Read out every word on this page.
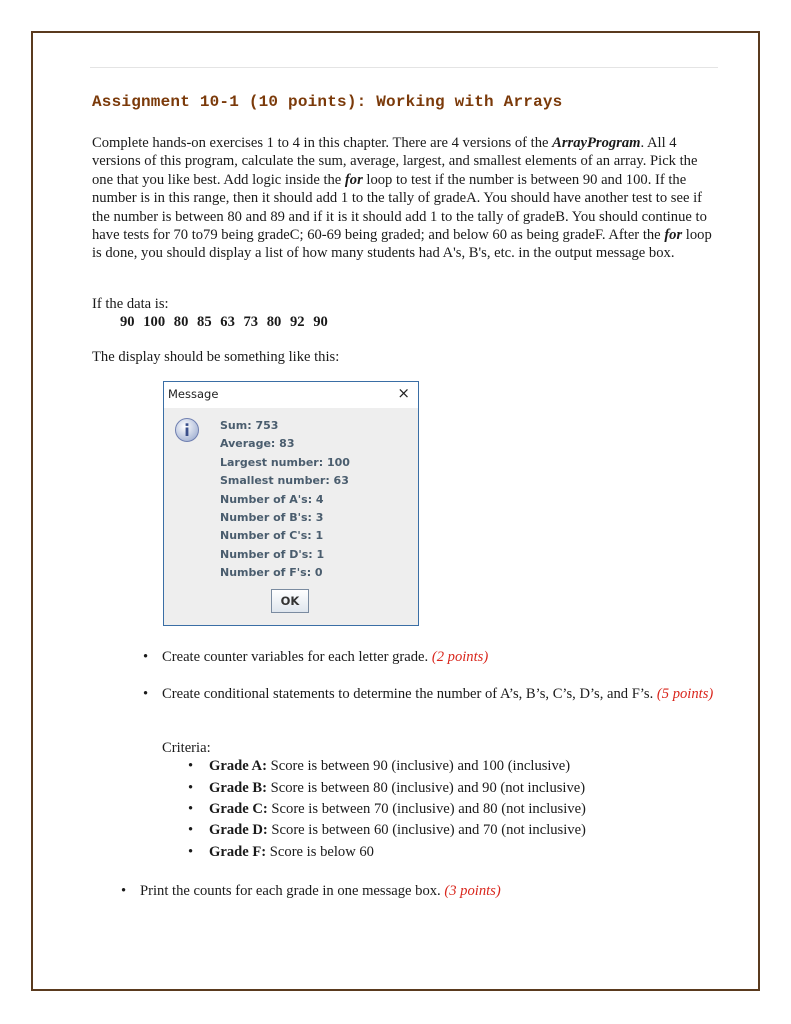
Assignment 10-1 (10 points): Working with Arrays
Complete hands-on exercises 1 to 4 in this chapter. There are 4 versions of the ArrayProgram. All 4 versions of this program, calculate the sum, average, largest, and smallest elements of an array. Pick the one that you like best. Add logic inside the for loop to test if the number is between 90 and 100. If the number is in this range, then it should add 1 to the tally of gradeA. You should have another test to see if the number is between 80 and 89 and if it is it should add 1 to the tally of gradeB. You should continue to have tests for 70 to79 being gradeC; 60-69 being graded; and below 60 as being gradeF. After the for loop is done, you should display a list of how many students had A's, B's, etc. in the output message box.
If the data is:
90 100 80 85 63 73 80 92 90
The display should be something like this:
Message	×
Sum: 753
Average: 83
Largest number: 100
Smallest number: 63
Number of A's: 4
Number of B's: 3
Number of C's: 1
Number of D's: 1
Number of F's: 0
OK
• Create counter variables for each letter grade. (2 points)
• Create conditional statements to determine the number of A’s, B’s, C’s, D’s, and F’s. (5 points)
Criteria:
• Grade A: Score is between 90 (inclusive) and 100 (inclusive)
• Grade B: Score is between 80 (inclusive) and 90 (not inclusive)
• Grade C: Score is between 70 (inclusive) and 80 (not inclusive)
• Grade D: Score is between 60 (inclusive) and 70 (not inclusive)
• Grade F: Score is below 60
• Print the counts for each grade in one message box. (3 points)
